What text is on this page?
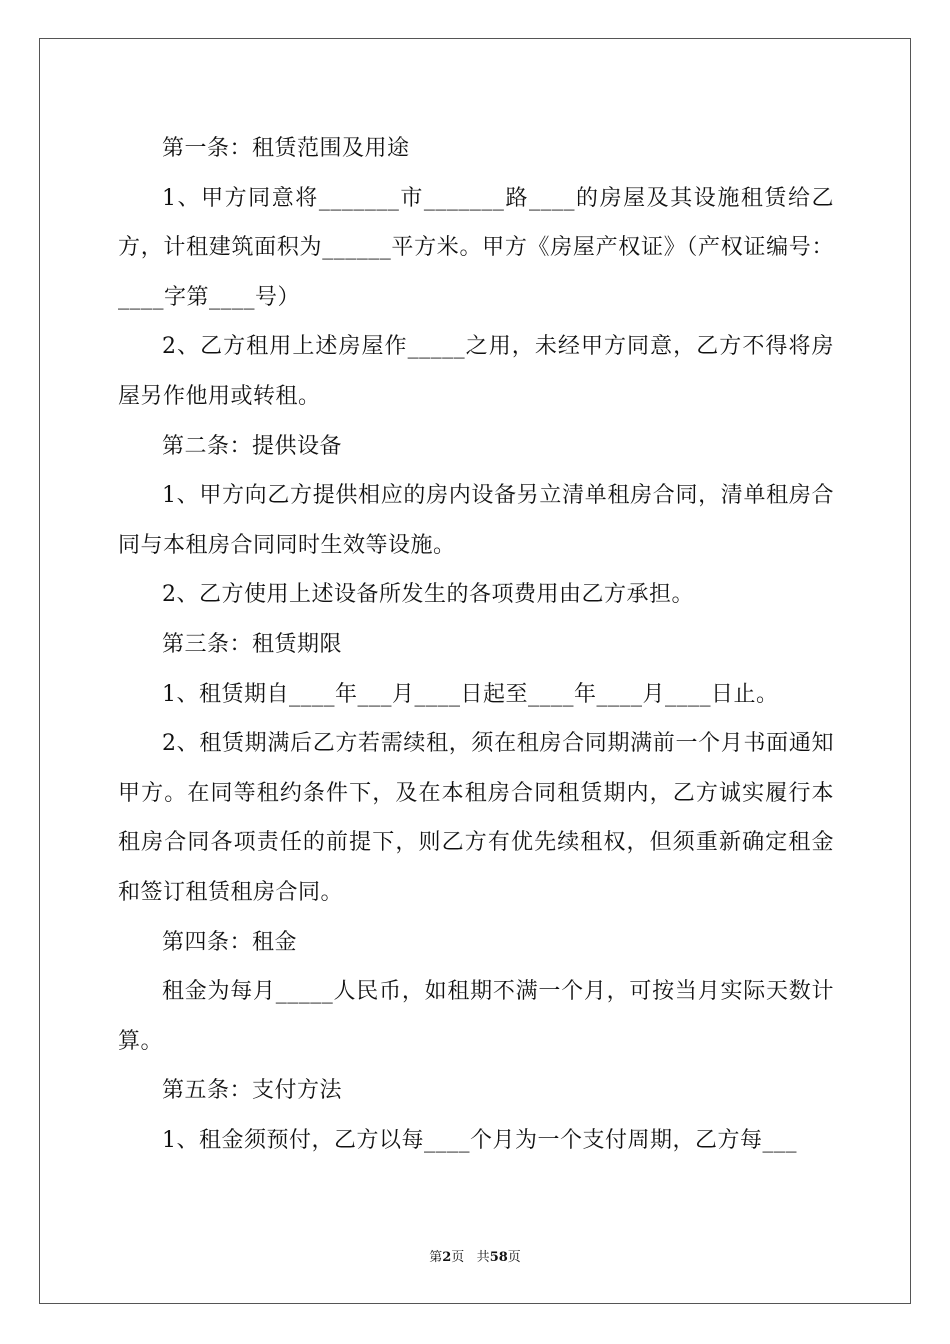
第一条：租赁范围及用途

1、甲方同意将_______市_______路____的房屋及其设施租赁给乙方，计租建筑面积为______平方米。甲方《房屋产权证》（产权证编号：____字第____号）

2、乙方租用上述房屋作_____之用，未经甲方同意，乙方不得将房屋另作他用或转租。

第二条：提供设备

1、甲方向乙方提供相应的房内设备另立清单租房合同，清单租房合同与本租房合同同时生效等设施。

2、乙方使用上述设备所发生的各项费用由乙方承担。

第三条：租赁期限

1、租赁期自____年___月____日起至____年____月____日止。

2、租赁期满后乙方若需续租，须在租房合同期满前一个月书面通知甲方。在同等租约条件下，及在本租房合同租赁期内，乙方诚实履行本租房合同各项责任的前提下，则乙方有优先续租权，但须重新确定租金和签订租赁租房合同。

第四条：租金

租金为每月_____人民币，如租期不满一个月，可按当月实际天数计算。

第五条：支付方法

1、租金须预付，乙方以每____个月为一个支付周期，乙方每___

第2页 共58页
